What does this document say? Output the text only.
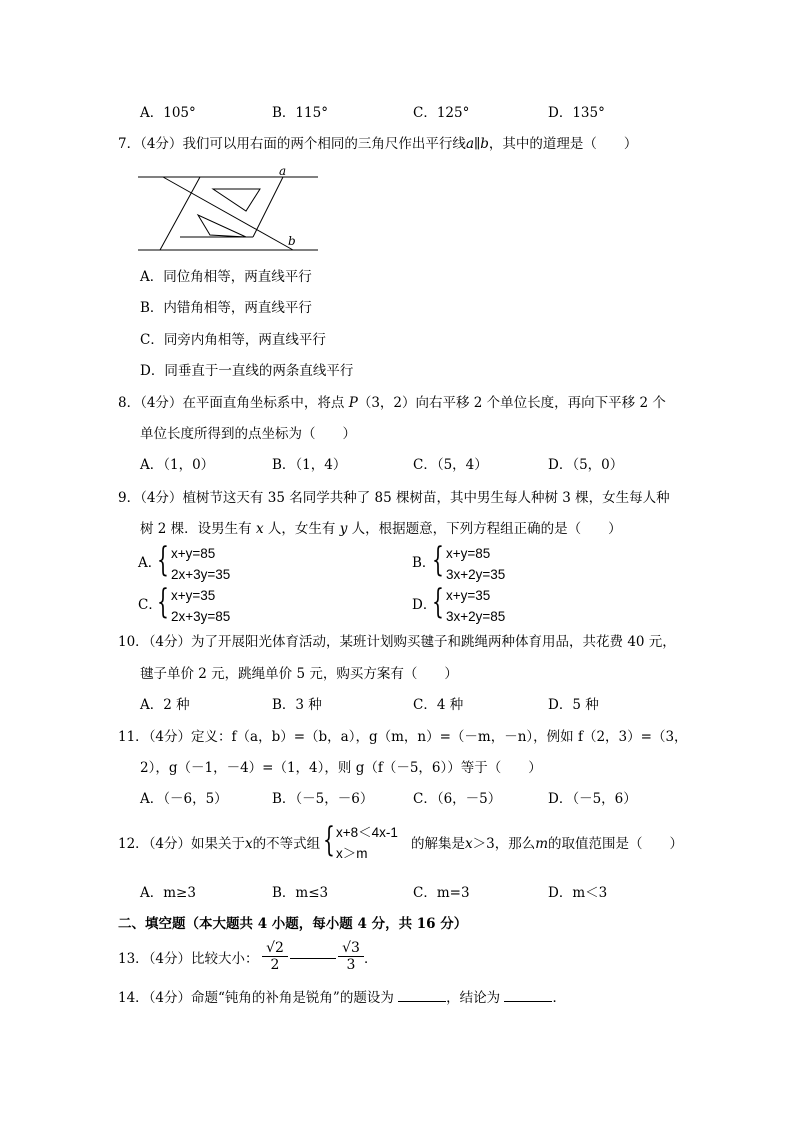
A．105°	B．115°	C．125°	D．135°
7．（4分）我们可以用右面的两个相同的三角尺作出平行线a∥b，其中的道理是（　　）
a
b
A．同位角相等，两直线平行
B．内错角相等，两直线平行
C．同旁内角相等，两直线平行
D．同垂直于一直线的两条直线平行
8．（4分）在平面直角坐标系中，将点 P（3，2）向右平移 2 个单位长度，再向下平移 2 个
单位长度所得到的点坐标为（　　）
A．（1，0）	B．（1，4）	C．（5，4）	D．（5，0）
9．（4分）植树节这天有 35 名同学共种了 85 棵树苗，其中男生每人种树 3 棵，女生每人种
树 2 棵．设男生有 x 人，女生有 y 人，根据题意，下列方程组正确的是（　　）
A．
{ x+y=85
2x+3y=35
B．
{ x+y=85
3x+2y=35
C．
{ x+y=35
2x+3y=85
D．
{ x+y=35
3x+2y=85
10．（4分）为了开展阳光体育活动，某班计划购买毽子和跳绳两种体育用品，共花费 40 元，
毽子单价 2 元，跳绳单价 5 元，购买方案有（　　）
A．2 种	B．3 种	C．4 种	D．5 种
11．（4分）定义：f（a，b）=（b，a），g（m，n）=（－m，－n），例如 f（2，3）=（3，
2），g（－1，－4）=（1，4），则 g（f（－5，6））等于（　　）
A．（－6，5）	B．（－5，－6）	C．（6，－5）	D．（－5，6）
12．（4分）如果关于x的不等式组 { x+8＜4x-1
x＞m
的解集是x＞3，那么m的取值范围是（　　）
A．m≥3	B．m≤3	C．m=3	D．m＜3
二、填空题（本大题共 4 小题，每小题 4 分，共 16 分）
13．（4分）比较大小： $\frac{√2}{2}$	$\frac{√3}{3}$ ．
14．（4分）命题“钝角的补角是锐角”的题设为	，结论为	．
